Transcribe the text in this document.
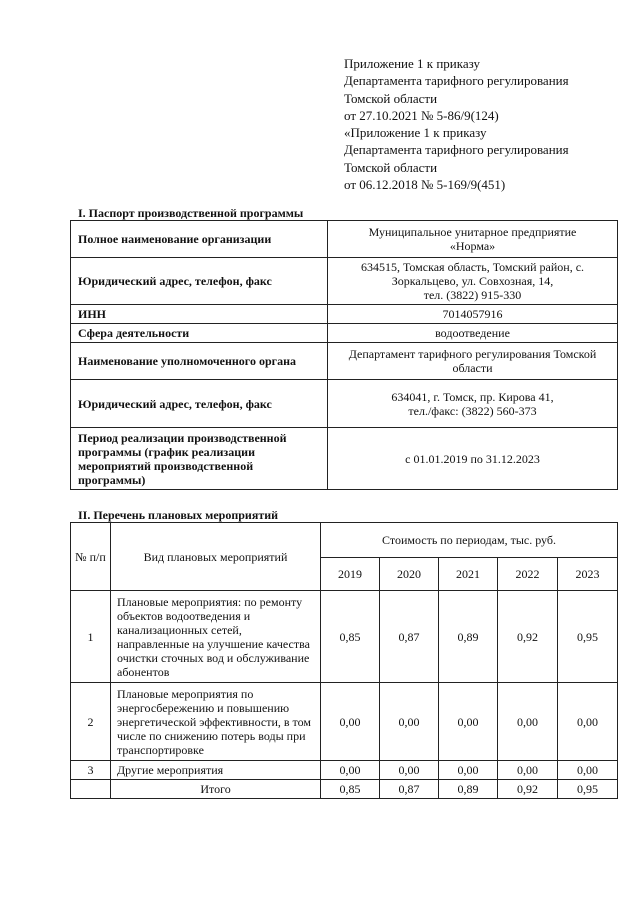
Приложение 1 к приказу
Департамента тарифного регулирования
Томской области
от 27.10.2021 № 5-86/9(124)
«Приложение 1 к приказу
Департамента тарифного регулирования
Томской области
от 06.12.2018 № 5-169/9(451)
I. Паспорт производственной программы
Полное наименование организации	Муниципальное унитарное предприятие
«Норма»

Юридический адрес, телефон, факс	634515, Томская область, Томский район, с.
Зоркальцево, ул. Совхозная, 14,
тел. (3822) 915-330

ИНН	7014057916
Сфера деятельности	водоотведение
Наименование уполномоченного органа	Департамент тарифного регулирования Томской
области

Юридический адрес, телефон, факс	634041, г. Томск, пр. Кирова 41,
тел./факс: (3822) 560-373

Период реализации производственной программы (график реализации мероприятий производственной программы)	с 01.01.2019 по 31.12.2023
II. Перечень плановых мероприятий
№ п/п	Вид плановых мероприятий	Стоимость по периодам, тыс. руб.				
		2019	2020	2021	2022	2023
1	Плановые мероприятия: по ремонту объектов водоотведения и канализационных сетей, направленные на улучшение качества очистки сточных вод и обслуживание абонентов	0,85	0,87	0,89	0,92	0,95
2	Плановые мероприятия по энергосбережению и повышению энергетической эффективности, в том числе по снижению потерь воды при транспортировке	0,00	0,00	0,00	0,00	0,00
3	Другие мероприятия	0,00	0,00	0,00	0,00	0,00
	Итого	0,85	0,87	0,89	0,92	0,95
